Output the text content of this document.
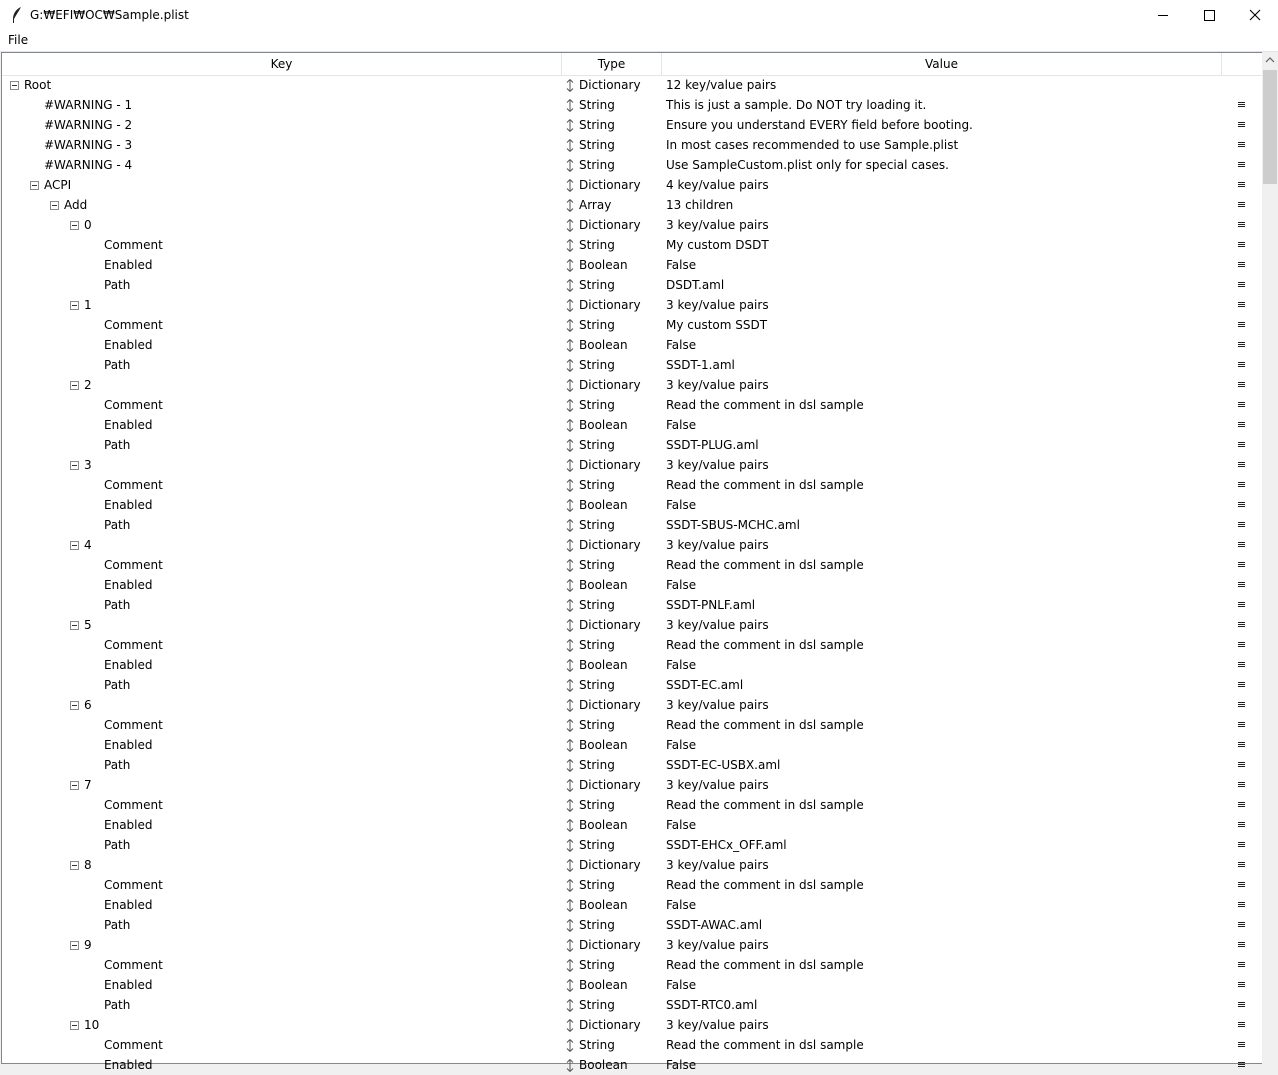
G:₩EFI₩OC₩Sample.plist
File
Key	Type	Value
Root	Dictionary 12 key/value pairs
#WARNING - 1	String	This is just a sample. Do NOT try loading it.
#WARNING - 2	String	Ensure you understand EVERY field before booting.
#WARNING - 3	String	In most cases recommended to use Sample.plist
#WARNING - 4	String	Use SampleCustom.plist only for special cases.
ACPI	Dictionary 4 key/value pairs
Add	Array	13 children
0	Dictionary 3 key/value pairs
Comment	String	My custom DSDT
Enabled	Boolean	False
Path	String	DSDT.aml
1	Dictionary 3 key/value pairs
Comment	String	My custom SSDT
Enabled	Boolean	False
Path	String	SSDT-1.aml
2	Dictionary 3 key/value pairs
Comment	String	Read the comment in dsl sample
Enabled	Boolean	False
Path	String	SSDT-PLUG.aml
3	Dictionary 3 key/value pairs
Comment	String	Read the comment in dsl sample
Enabled	Boolean	False
Path	String	SSDT-SBUS-MCHC.aml
4	Dictionary 3 key/value pairs
Comment	String	Read the comment in dsl sample
Enabled	Boolean	False
Path	String	SSDT-PNLF.aml
5	Dictionary 3 key/value pairs
Comment	String	Read the comment in dsl sample
Enabled	Boolean	False
Path	String	SSDT-EC.aml
6	Dictionary 3 key/value pairs
Comment	String	Read the comment in dsl sample
Enabled	Boolean	False
Path	String	SSDT-EC-USBX.aml
7	Dictionary 3 key/value pairs
Comment	String	Read the comment in dsl sample
Enabled	Boolean	False
Path	String	SSDT-EHCx_OFF.aml
8	Dictionary 3 key/value pairs
Comment	String	Read the comment in dsl sample
Enabled	Boolean	False
Path	String	SSDT-AWAC.aml
9	Dictionary 3 key/value pairs
Comment	String	Read the comment in dsl sample
Enabled	Boolean	False
Path	String	SSDT-RTC0.aml
10	Dictionary 3 key/value pairs
Comment	String	Read the comment in dsl sample
Enabled	Boolean	False
